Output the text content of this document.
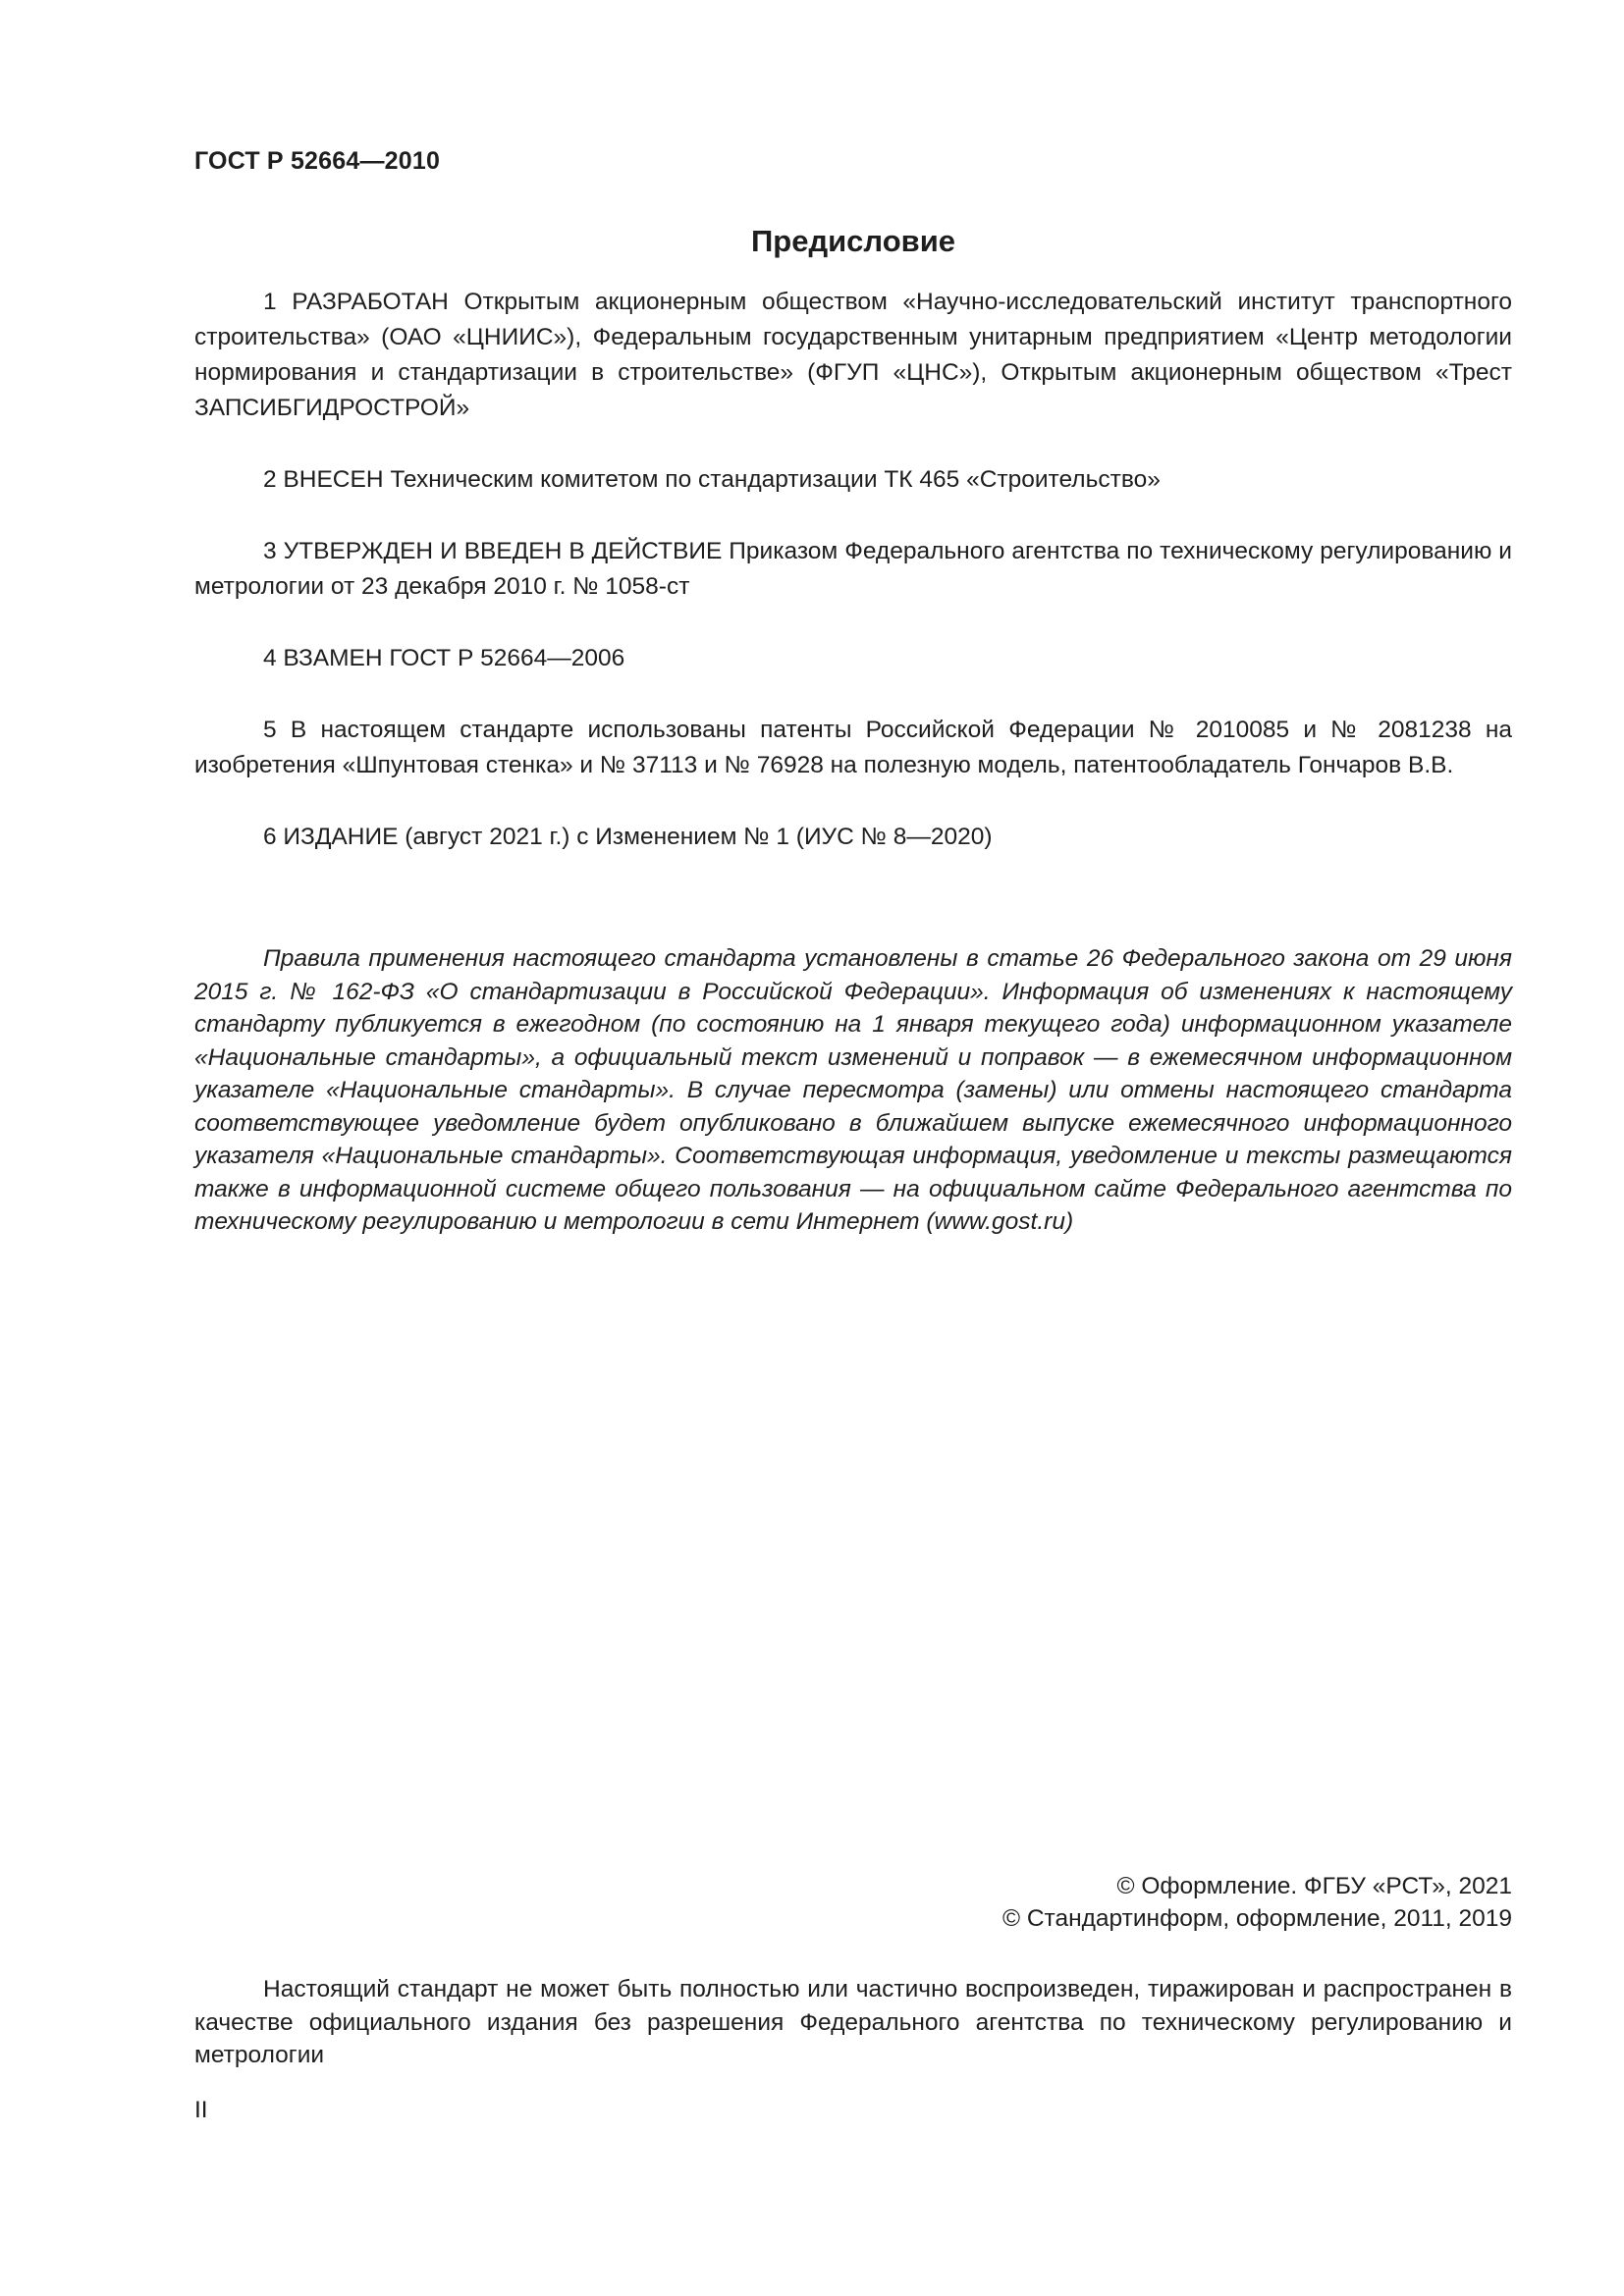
ГОСТ Р 52664—2010
Предисловие

1 РАЗРАБОТАН Открытым акционерным обществом «Научно-исследовательский институт транспортного строительства» (ОАО «ЦНИИС»), Федеральным государственным унитарным предприятием «Центр методологии нормирования и стандартизации в строительстве» (ФГУП «ЦНС»), Открытым акционерным обществом «Трест ЗАПСИБГИДРОСТРОЙ»

2 ВНЕСЕН Техническим комитетом по стандартизации ТК 465 «Строительство»

3 УТВЕРЖДЕН И ВВЕДЕН В ДЕЙСТВИЕ Приказом Федерального агентства по техническому регулированию и метрологии от 23 декабря 2010 г. № 1058-ст

4 ВЗАМЕН ГОСТ Р 52664—2006

5 В настоящем стандарте использованы патенты Российской Федерации № 2010085 и № 2081238 на изобретения «Шпунтовая стенка» и № 37113 и № 76928 на полезную модель, патентообладатель Гончаров В.В.

6 ИЗДАНИЕ (август 2021 г.) с Изменением № 1 (ИУС № 8—2020)

Правила применения настоящего стандарта установлены в статье 26 Федерального закона от 29 июня 2015 г. № 162-ФЗ «О стандартизации в Российской Федерации». Информация об изменениях к настоящему стандарту публикуется в ежегодном (по состоянию на 1 января текущего года) информационном указателе «Национальные стандарты», а официальный текст изменений и поправок — в ежемесячном информационном указателе «Национальные стандарты». В случае пересмотра (замены) или отмены настоящего стандарта соответствующее уведомление будет опубликовано в ближайшем выпуске ежемесячного информационного указателя «Национальные стандарты». Соответствующая информация, уведомление и тексты размещаются также в информационной системе общего пользования — на официальном сайте Федерального агентства по техническому регулированию и метрологии в сети Интернет (www.gost.ru)

© Оформление. ФГБУ «РСТ», 2021
© Стандартинформ, оформление, 2011, 2019

Настоящий стандарт не может быть полностью или частично воспроизведен, тиражирован и распространен в качестве официального издания без разрешения Федерального агентства по техническому регулированию и метрологии

II
